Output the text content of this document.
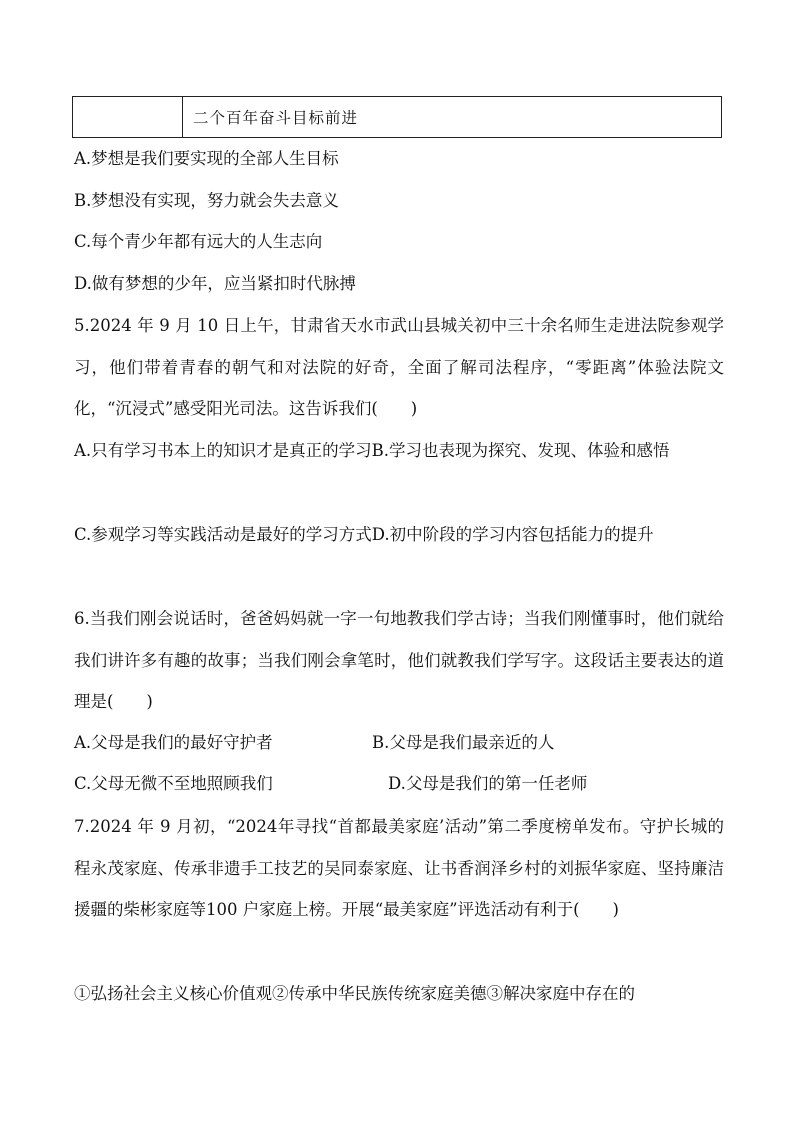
	二个百年奋斗目标前进
A.梦想是我们要实现的全部人生目标
B.梦想没有实现，努力就会失去意义
C.每个青少年都有远大的人生志向
D.做有梦想的少年，应当紧扣时代脉搏
5.2024 年 9 月 10 日上午，甘肃省天水市武山县城关初中三十余名师生走进法院参观学习，他们带着青春的朝气和对法院的好奇，全面了解司法程序，“零距离”体验法院文化，“沉浸式”感受阳光司法。这告诉我们(　　)
A.只有学习书本上的知识才是真正的学习B.学习也表现为探究、发现、体验和感悟
C.参观学习等实践活动是最好的学习方式D.初中阶段的学习内容包括能力的提升
6.当我们刚会说话时，爸爸妈妈就一字一句地教我们学古诗；当我们刚懂事时，他们就给我们讲许多有趣的故事；当我们刚会拿笔时，他们就教我们学写字。这段话主要表达的道理是(　　)
A.父母是我们的最好守护者	B.父母是我们最亲近的人
C.父母无微不至地照顾我们	D.父母是我们的第一任老师
7.2024 年 9 月初，“2024年寻找“首都最美家庭’活动”第二季度榜单发布。守护长城的程永茂家庭、传承非遗手工技艺的吴同泰家庭、让书香润泽乡村的刘振华家庭、坚持廉洁援疆的柴彬家庭等100 户家庭上榜。开展“最美家庭”评选活动有利于(　　)
①弘扬社会主义核心价值观②传承中华民族传统家庭美德③解决家庭中存在的
